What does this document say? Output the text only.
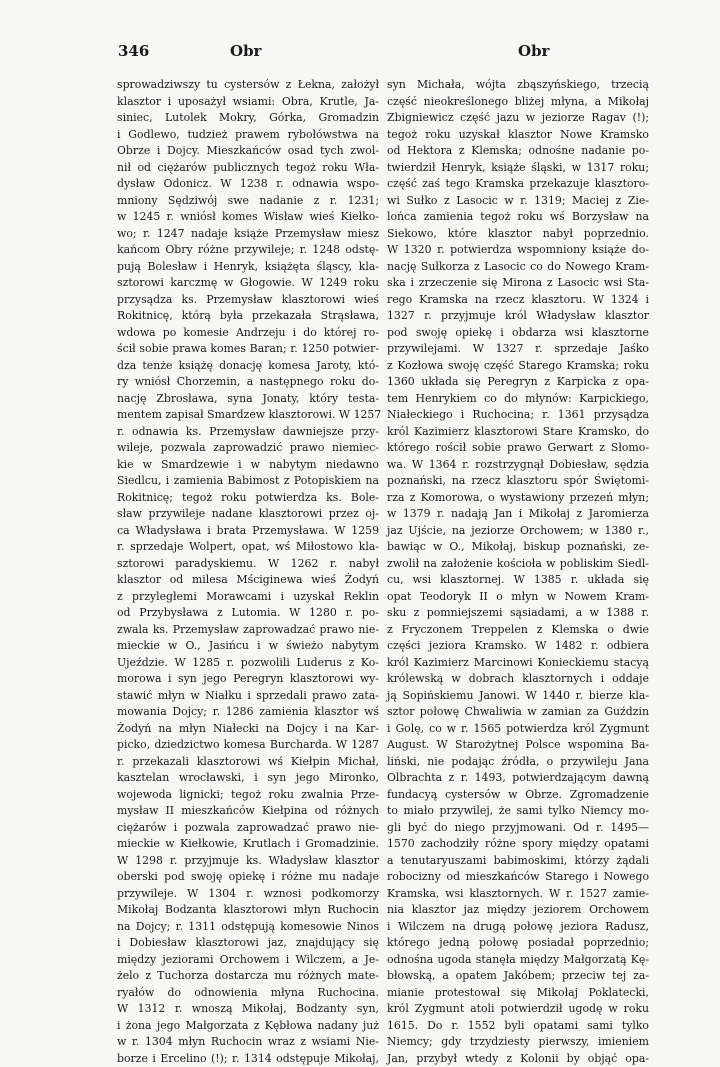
346	Obr	Obr
sprowadziwszy tu cystersów z Łekna, założył
klasztor i uposażył wsiami: Obra, Krutle, Ja-
siniec, Lutolek Mokry, Górka, Gromadzin
i Godlewo, tudzież prawem rybołówstwa na
Obrze i Dojcy. Mieszkańców osad tych zwol-
nił od ciężarów publicznych tegoż roku Wła-
dysław Odonicz. W 1238 r. odnawia wspo-
mniony Sędziwój swe nadanie z r. 1231;
w 1245 r. wniósł komes Wisław wieś Kiełko-
wo; r. 1247 nadaje książe Przemysław miesz
kańcom Obry różne przywileje; r. 1248 odstę-
pują Bolesław i Henryk, książęta śląscy, kla-
sztorowi karczmę w Głogowie. W 1249 roku
przysądza ks. Przemysław klasztorowi wieś
Rokitnicę, którą była przekazała Strąsława,
wdowa po komesie Andrzeju i do której ro-
ścił sobie prawa komes Baran; r. 1250 potwier-
dza tenże książę donację komesa Jaroty, któ-
ry wniósł Chorzemin, a następnego roku do-
nację Zbrosława, syna Jonaty, który testa-
mentem zapisał Smardzew klasztorowi. W 1257
r. odnawia ks. Przemysław dawniejsze przy-
wileje, pozwala zaprowadzić prawo niemiec-
kie w Smardzewie i w nabytym niedawno
Siedlcu, i zamienia Babimost z Potopiskiem na
Rokitnicę; tegoż roku potwierdza ks. Bole-
sław przywileje nadane klasztorowi przez oj-
ca Władysława i brata Przemysława. W 1259
r. sprzedaje Wolpert, opat, wś Miłostowo kla-
sztorowi paradyskiemu. W 1262 r. nabył
klasztor od milesa Mściginewa wieś Żodyń
z przyległemi Morawcami i uzyskał Reklin
od Przybysława z Lutomia. W 1280 r. po-
zwala ks. Przemysław zaprowadzać prawo nie-
mieckie w O., Jasińcu i w świeżo nabytym
Ujeździe. W 1285 r. pozwolili Luderus z Ko-
morowa i syn jego Peregryn klasztorowi wy-
stawić młyn w Niałku i sprzedali prawo zata-
mowania Dojcy; r. 1286 zamienia klasztor wś
Żodyń na młyn Niałecki na Dojcy i na Kar-
picko, dziedzictwo komesa Burcharda. W 1287
r. przekazali klasztorowi wś Kiełpin Michał,
kasztelan wrocławski, i syn jego Mironko,
wojewoda lignicki; tegoż roku zwalnia Prze-
mysław II mieszkańców Kiełpina od różnych
ciężarów i pozwala zaprowadzać prawo nie-
mieckie w Kiełkowie, Krutlach i Gromadzinie.
W 1298 r. przyjmuje ks. Władysław klasztor
oberski pod swoję opiekę i różne mu nadaje
przywileje. W 1304 r. wznosi podkomorzy
Mikołaj Bodzanta klasztorowi młyn Ruchocin
na Dojcy; r. 1311 odstępują komesowie Ninos
i Dobiesław klasztorowi jaz, znajdujący się
między jeziorami Orchowem i Wilczem, a Je-
żelo z Tuchorza dostarcza mu różnych mate-
ryałów do odnowienia młyna Ruchocina.
W 1312 r. wnoszą Mikołaj, Bodzanty syn,
i żona jego Małgorzata z Kębłowa nadany już
w r. 1304 młyn Ruchocin wraz z wsiami Nie-
borze i Ercelino (!); r. 1314 odstępuje Mikołaj,
syn Michała, wójta zbąszyńskiego, trzecią
część nieokreślonego bliżej młyna, a Mikołaj
Zbigniewicz część jazu w jeziorze Ragav (!);
tegoż roku uzyskał klasztor Nowe Kramsko
od Hektora z Klemska; odnośne nadanie po-
twierdził Henryk, książe śląski, w 1317 roku;
część zaś tego Kramska przekazuje klasztoro-
wi Sułko z Lasocic w r. 1319; Maciej z Zie-
lońca zamienia tegoż roku wś Borzysław na
Siekowo, które klasztor nabył poprzednio.
W 1320 r. potwierdza wspomniony książe do-
nację Sułkorza z Lasocic co do Nowego Kram-
ska i zrzeczenie się Mirona z Lasocic wsi Sta-
rego Kramska na rzecz klasztoru. W 1324 i
1327 r. przyjmuje król Władysław klasztor
pod swoję opiekę i obdarza wsi klasztorne
przywilejami. W 1327 r. sprzedaje Jaśko
z Kozłowa swoję część Starego Kramska; roku
1360 układa się Peregryn z Karpicka z opa-
tem Henrykiem co do młynów: Karpickiego,
Niałeckiego i Ruchocina; r. 1361 przysądza
król Kazimierz klasztorowi Stare Kramsko, do
którego rościł sobie prawo Gerwart z Słomo-
wa. W 1364 r. rozstrzygnął Dobiesław, sędzia
poznański, na rzecz klasztoru spór Świętomi-
rza z Komorowa, o wystawiony przezeń młyn;
w 1379 r. nadają Jan i Mikołaj z Jaromierza
jaz Ujście, na jeziorze Orchowem; w 1380 r.,
bawiąc w O., Mikołaj, biskup poznański, ze-
zwolił na założenie kościoła w pobliskim Siedl-
cu, wsi klasztornej. W 1385 r. układa się
opat Teodoryk II o młyn w Nowem Kram-
sku z pomniejszemi sąsiadami, a w 1388 r.
z Fryczonem Treppelen z Klemska o dwie
części jeziora Kramsko. W 1482 r. odbiera
król Kazimierz Marcinowi Konieckiemu stacyą
królewską w dobrach klasztornych i oddaje
ją Sopińskiemu Janowi. W 1440 r. bierze kla-
sztor połowę Chwaliwia w zamian za Guździn
i Golę, co w r. 1565 potwierdza król Zygmunt
August. W Starożytnej Polsce wspomina Ba-
liński, nie podając źródła, o przywileju Jana
Olbrachta z r. 1493, potwierdzającym dawną
fundacyą cystersów w Obrze. Zgromadzenie
to miało przywilej, że sami tylko Niemcy mo-
gli być do niego przyjmowani. Od r. 1495—
1570 zachodziły różne spory między opatami
a tenutaryuszami babimoskimi, którzy żądali
robocizny od mieszkańców Starego i Nowego
Kramska, wsi klasztornych. W r. 1527 zamie-
nia klasztor jaz między jeziorem Orchowem
i Wilczem na drugą połowę jeziora Radusz,
którego jedną połowę posiadał poprzednio;
odnośna ugoda stanęła między Małgorzatą Kę-
błowską, a opatem Jakóbem; przeciw tej za-
mianie protestował się Mikołaj Poklatecki,
król Zygmunt atoli potwierdził ugodę w roku
1615. Do r. 1552 byli opatami sami tylko
Niemcy; gdy trzydziesty pierwszy, imieniem
Jan, przybył wtedy z Kolonii by objąć opa-
